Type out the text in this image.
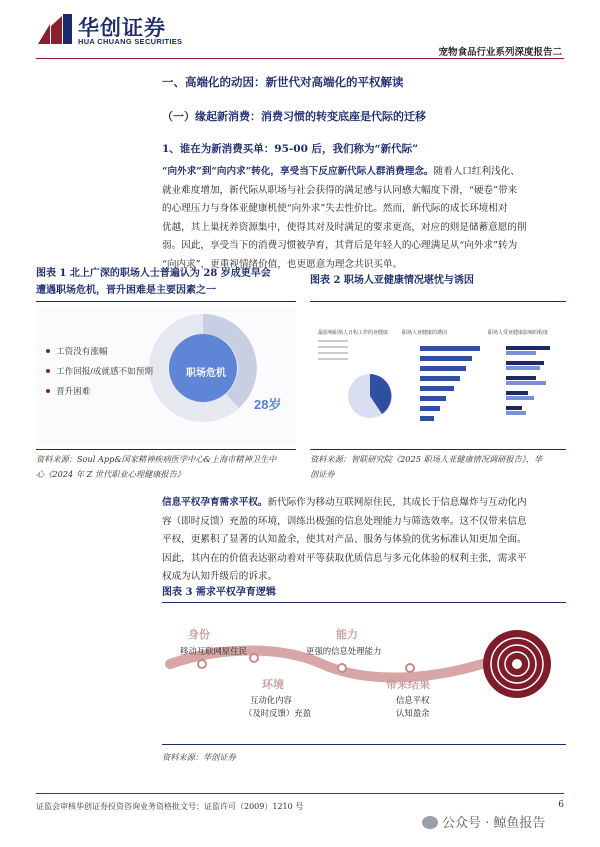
华创证券
HUA CHUANG SECURITIES
宠物食品行业系列深度报告二
一、高端化的动因：新世代对高端化的平权解读
（一）缘起新消费：消费习惯的转变底座是代际的迁移
1、谁在为新消费买单：95-00 后，我们称为“新代际”
“向外求”到“向内求”转化，享受当下反应新代际人群消费理念。随着人口红利浅化、
就业难度增加，新代际从职场与社会获得的满足感与认同感大幅度下滑，“硬卷”带来
的心理压力与身体亚健康机使“向外求”失去性价比。然而，新代际的成长环境相对
优越，其上巢抚养资源集中，使得其对及时满足的要求更高，对应的则是储蓄意愿的削
弱。因此，享受当下的消费习惯被孕育，其背后是年轻人的心理满足从“向外求”转为
“向内求”，更重视情绪价值，也更愿意为理念共识买单。
图表 1 北上广深的职场人士普遍认为 28 岁成更早会
遭遇职场危机，晋升困难是主要因素之一
工资没有涨幅
工作回报/成就感不如预期
晋升困难
职场危机
28岁
资料来源：Soul App&国家精神疾病医学中心&上海市精神卫生中
心《2024 年 Z 世代职业心理健康报告》
图表 2 职场人亚健康情况堪忧与诱因
最影响职场人日程工作的亚健康	职场人亚健康的诱因	职场人受亚健康影响的程度
资料来源：智联研究院《2025 职场人亚健康情况调研报告》，华
创证券
信息平权孕育需求平权。新代际作为移动互联网原住民，其成长于信息爆炸与互动化内
容（即时反馈）充盈的环境，训练出极强的信息处理能力与筛选效率。这不仅带来信息
平权，更累积了显著的认知盈余，使其对产品、服务与体验的优劣标准认知更加全面。
因此，其内在的价值表达驱动着对平等获取优质信息与多元化体验的权利主张，需求平
权成为认知升级后的诉求。
图表 3 需求平权孕育逻辑
身份
移动互联网原住民
能力
更强的信息处理能力
环境
互动化内容
（及时反馈）充盈
带来结果
信息平权
认知盈余
资料来源：华创证券
证监会审核华创证券投资咨询业务资格批文号：证监许可（2009）1210 号	6
公众号 · 鲸鱼报告
